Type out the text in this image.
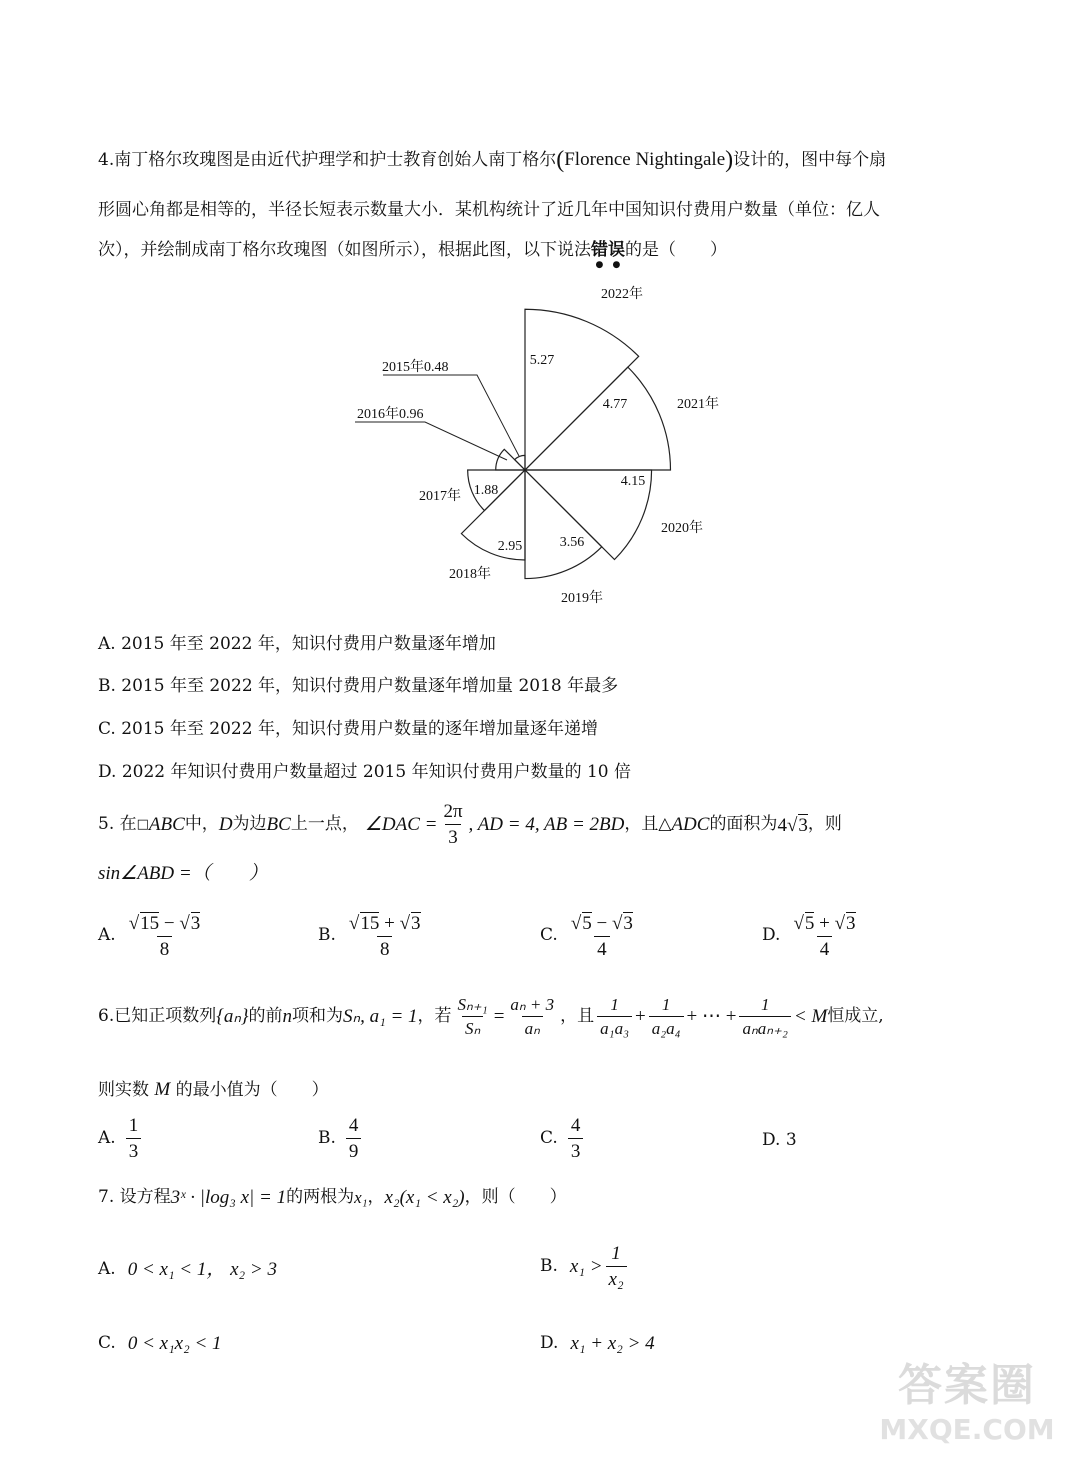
4.南丁格尔玫瑰图是由近代护理学和护士教育创始人南丁格尔(Florence Nightingale)设计的，图中每个扇
形圆心角都是相等的，半径长短表示数量大小．某机构统计了近几年中国知识付费用户数量（单位：亿人
次），并绘制成南丁格尔玫瑰图（如图所示），根据此图，以下说法错误的是（　　）
1.88
2017年
2.95
2018年
3.56
2019年
4.15
2020年
4.77	2021年
5.27
2022年
2015年0.48
2016年0.96
A. 2015 年至 2022 年，知识付费用户数量逐年增加
B. 2015 年至 2022 年，知识付费用户数量逐年增加量 2018 年最多
C. 2015 年至 2022 年，知识付费用户数量的逐年增加量逐年递增
D. 2022 年知识付费用户数量超过 2015 年知识付费用户数量的 10 倍
5. 在 □ ABC 中， D 为边 BC 上一点， ∠DAC = $\frac{2\pi}{3}$ , AD = 4, AB = 2BD ，且△ ADC 的面积为 4√3 ，则
sin∠ABD =（　　）
A. $\frac{√15 - √3}{8}$	B. $\frac{√15 + √3}{8}$	C. $\frac{√5 - √3}{4}$	D. $\frac{√5 + √3}{4}$
6.已知正项数列 {aₙ} 的前 n 项和为 Sₙ, a₁ = 1 ，若 $\frac{\text{Sₙ₊₁}}{\text{Sₙ}} = \frac{\text{aₙ + 3}}{\text{aₙ}}$ ，且 $\frac{1}{\text{a₁a₃}} + \frac{1}{\text{a₂a₄}}$ + ⋯ +
1
aₙaₙ₊₂
< M 恒成立,
则实数 M 的最小值为（　　）
A. $\frac{1}{3}$	B. $\frac{4}{9}$	C. $\frac{4}{3}$	D. 3
7. 设方程 3ˣ · |log₃ x| = 1 的两根为 x₁ ， x₂(x₁ < x₂) ，则（　　）
A. 0 < x₁ < 1， x₂ > 3	B. $x_1 > \frac{1}{\text{x₂}}$
C. 0 < x₁x₂ < 1	D. x₁ + x₂ > 4
答案圈
MXQE.COM
